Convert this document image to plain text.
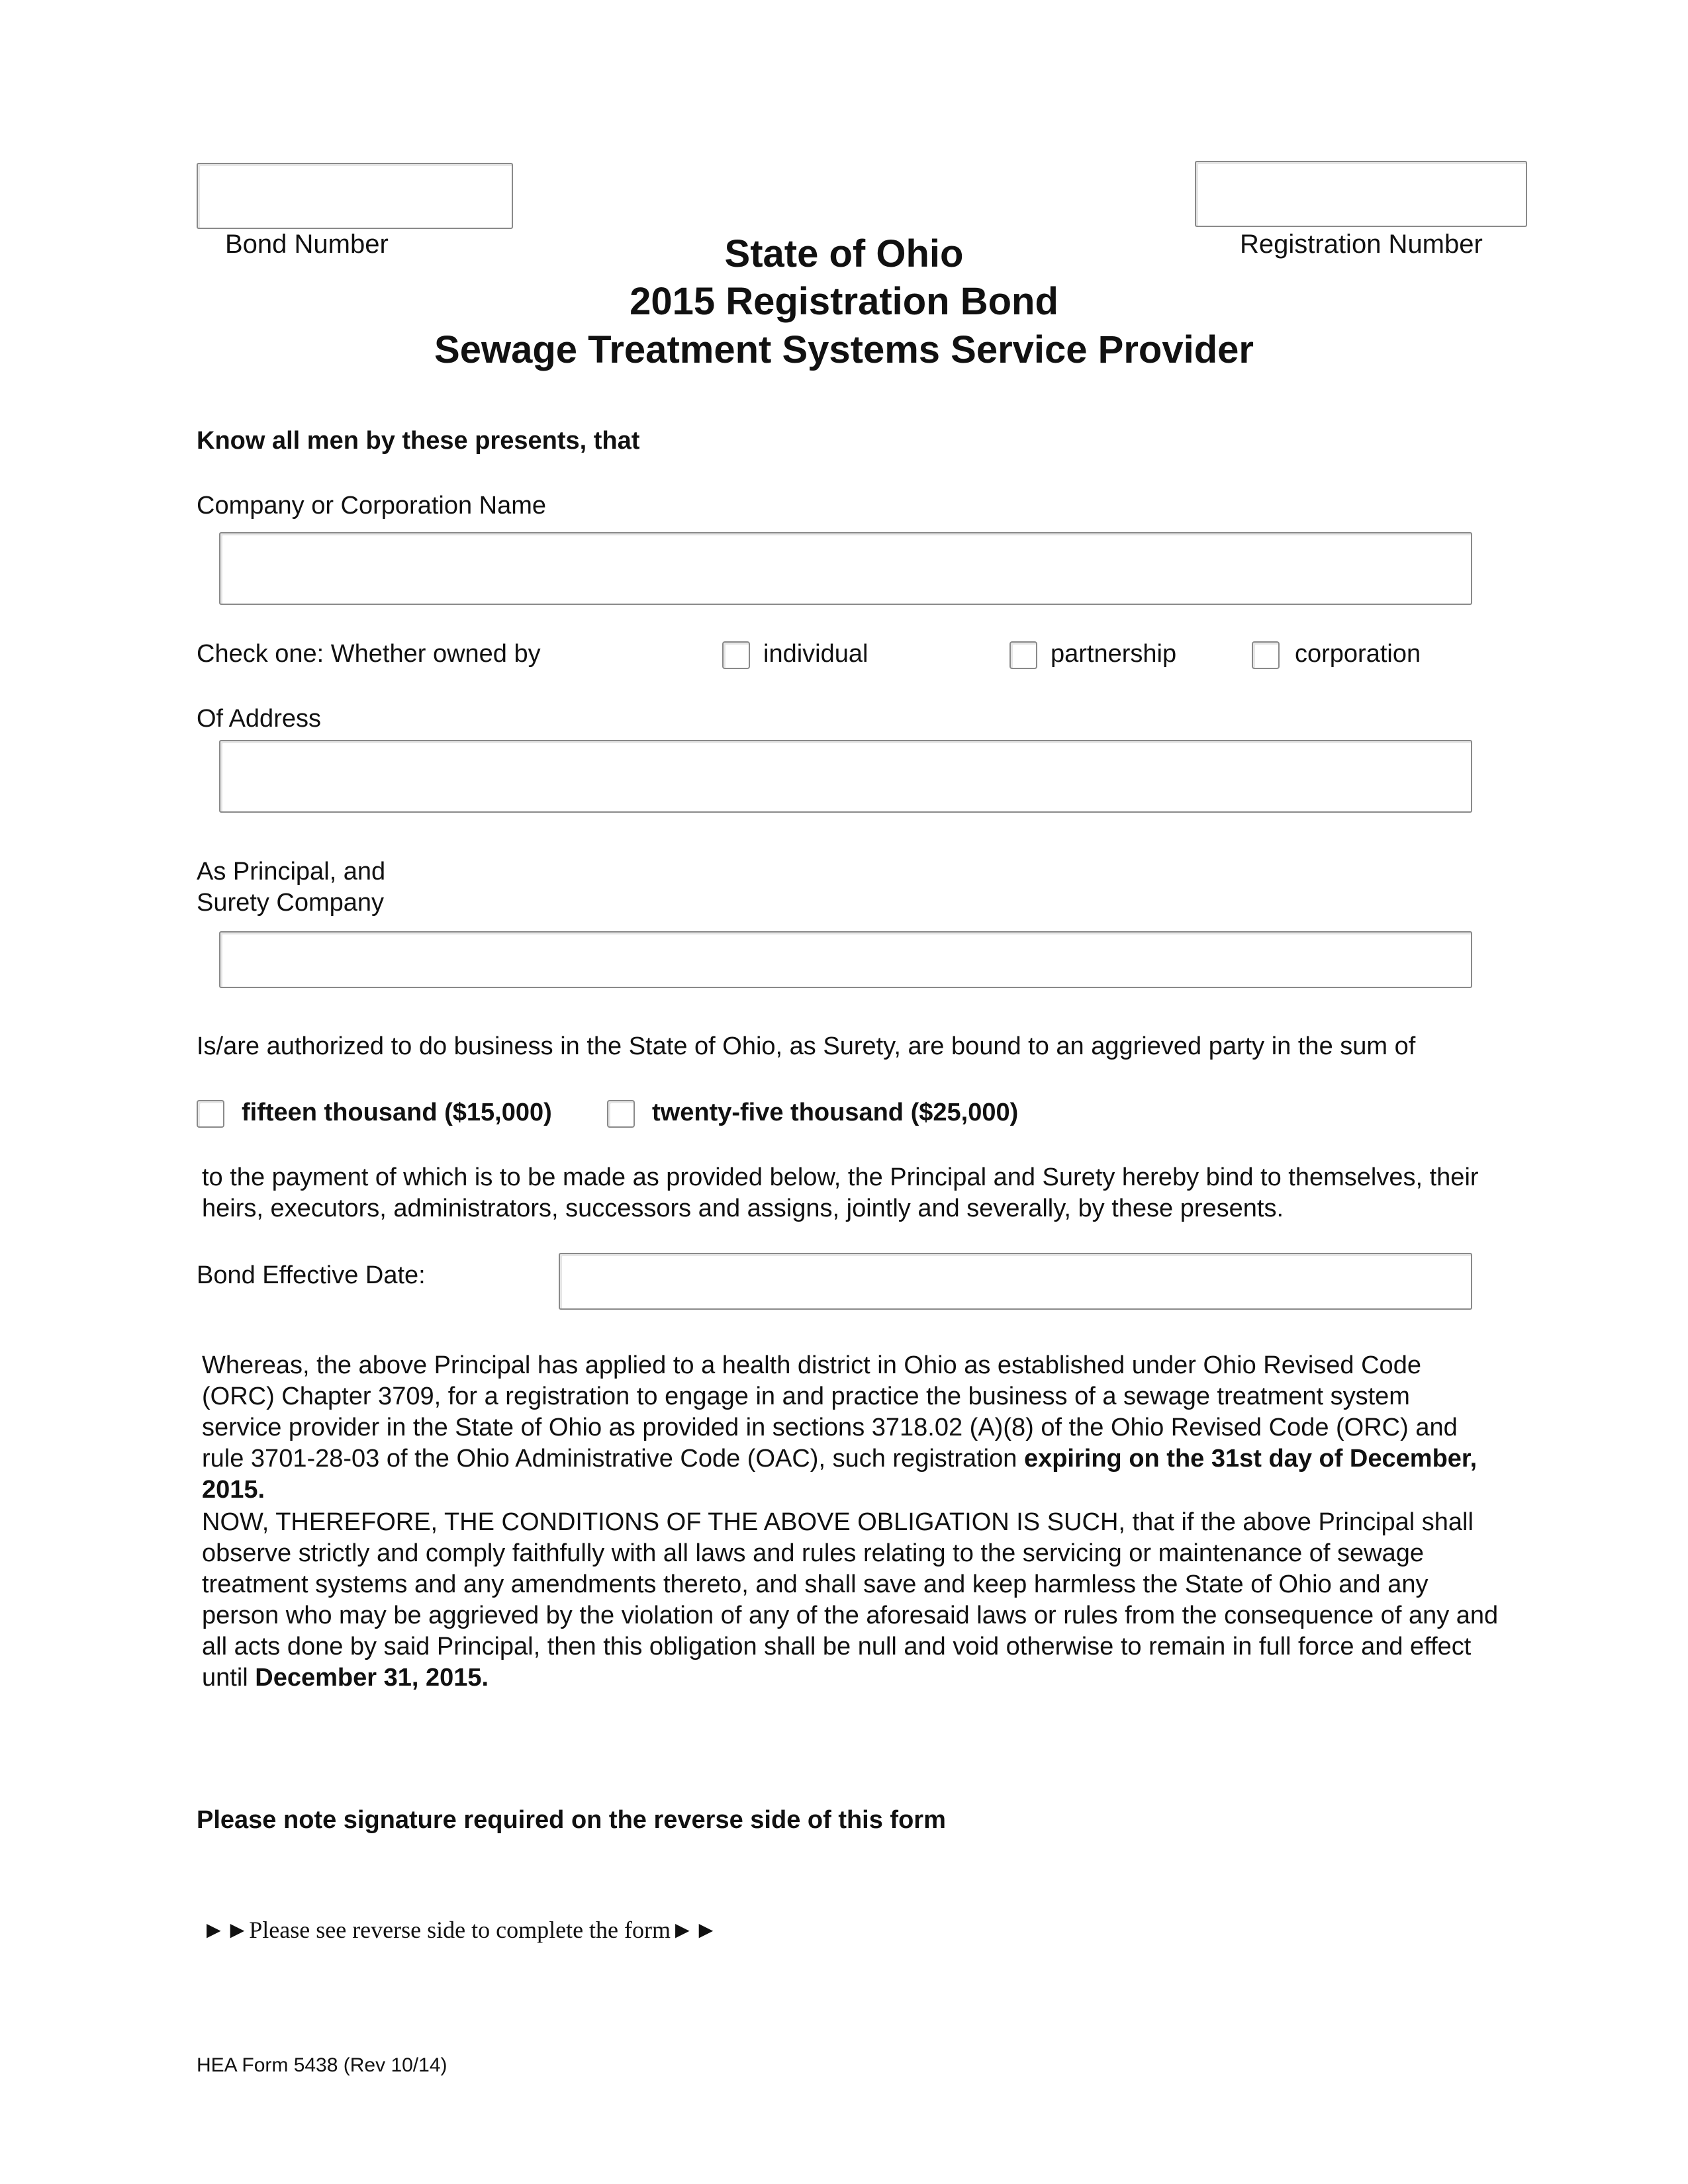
Bond Number	Registration Number
State of Ohio
2015 Registration Bond
Sewage Treatment Systems Service Provider
Know all men by these presents, that
Company or Corporation Name
Check one: Whether owned by	individual	partnership	corporation
Of Address
As Principal, and
Surety Company
Is/are authorized to do business in the State of Ohio, as Surety, are bound to an aggrieved party in the sum of
fifteen thousand ($15,000)	twenty-five thousand ($25,000)
to the payment of which is to be made as provided below, the Principal and Surety hereby bind to themselves, their heirs, executors, administrators, successors and assigns, jointly and severally, by these presents.
Bond Effective Date:
Whereas, the above Principal has applied to a health district in Ohio as established under Ohio Revised Code (ORC) Chapter 3709, for a registration to engage in and practice the business of a sewage treatment system service provider in the State of Ohio as provided in sections 3718.02 (A)(8) of the Ohio Revised Code (ORC) and rule 3701-28-03 of the Ohio Administrative Code (OAC), such registration expiring on the 31st day of December, 2015.
NOW, THEREFORE, THE CONDITIONS OF THE ABOVE OBLIGATION IS SUCH, that if the above Principal shall observe strictly and comply faithfully with all laws and rules relating to the servicing or maintenance of sewage treatment systems and any amendments thereto, and shall save and keep harmless the State of Ohio and any person who may be aggrieved by the violation of any of the aforesaid laws or rules from the consequence of any and all acts done by said Principal, then this obligation shall be null and void otherwise to remain in full force and effect until December 31, 2015.
Please note signature required on the reverse side of this form
►►Please see reverse side to complete the form►►
HEA Form 5438 (Rev 10/14)
